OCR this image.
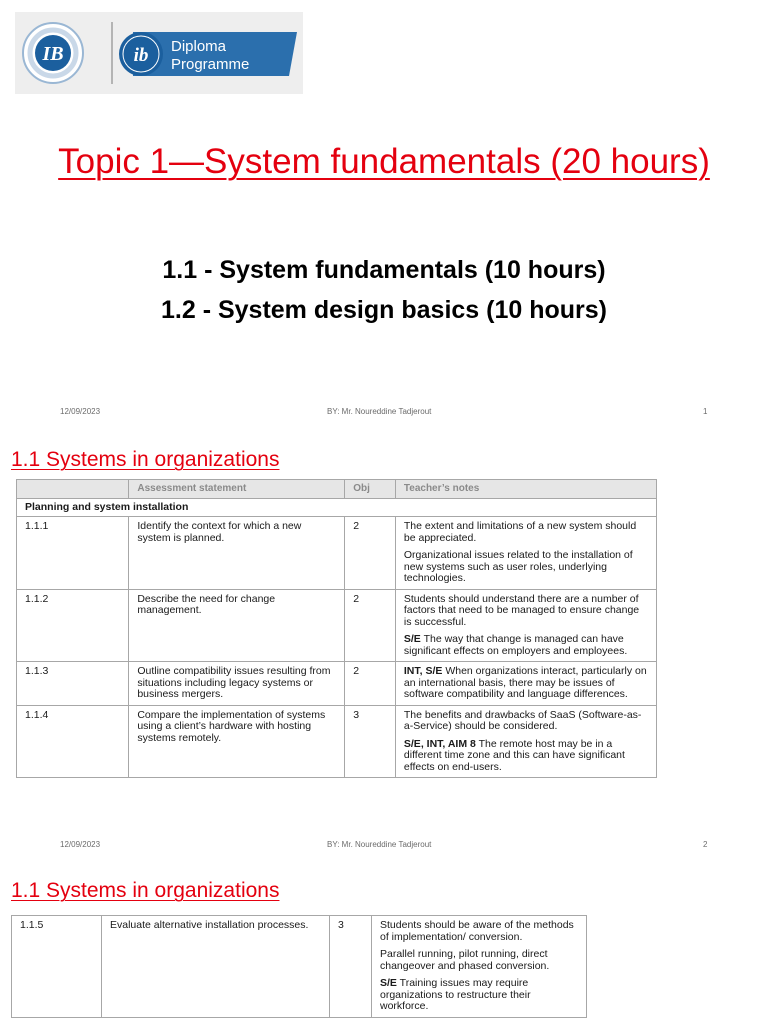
IB	ib Diploma
Programme
Topic 1—System fundamentals (20 hours)
1.1 - System fundamentals (10 hours)
1.2 - System design basics (10 hours)
12/09/2023	BY: Mr. Noureddine Tadjerout	1
1.1 Systems in organizations
	Assessment statement	Obj	Teacher’s notes
Planning and system installation			
1.1.1	Identify the context for which a new system is planned.	2	The extent and limitations of a new system should be appreciated.

Organizational issues related to the installation of new systems such as user roles, underlying technologies.

1.1.2	Describe the need for change management.	2	Students should understand there are a number of factors that need to be managed to ensure change is successful.

S/E The way that change is managed can have significant effects on employers and employees.

1.1.3	Outline compatibility issues resulting from situations including legacy systems or business mergers.	2	INT, S/E When organizations interact, particularly on an international basis, there may be issues of software compatibility and language differences.

1.1.4	Compare the implementation of systems using a client’s hardware with hosting systems remotely.	3	The benefits and drawbacks of SaaS (Software-as-a-Service) should be considered.

S/E, INT, AIM 8 The remote host may be in a different time zone and this can have significant effects on end-users.

12/09/2023	BY: Mr. Noureddine Tadjerout	2
1.1 Systems in organizations
1.1.5	Evaluate alternative installation processes.	3	Students should be aware of the methods of implementation/ conversion.

Parallel running, pilot running, direct changeover and phased conversion.

S/E Training issues may require organizations to restructure their workforce.
